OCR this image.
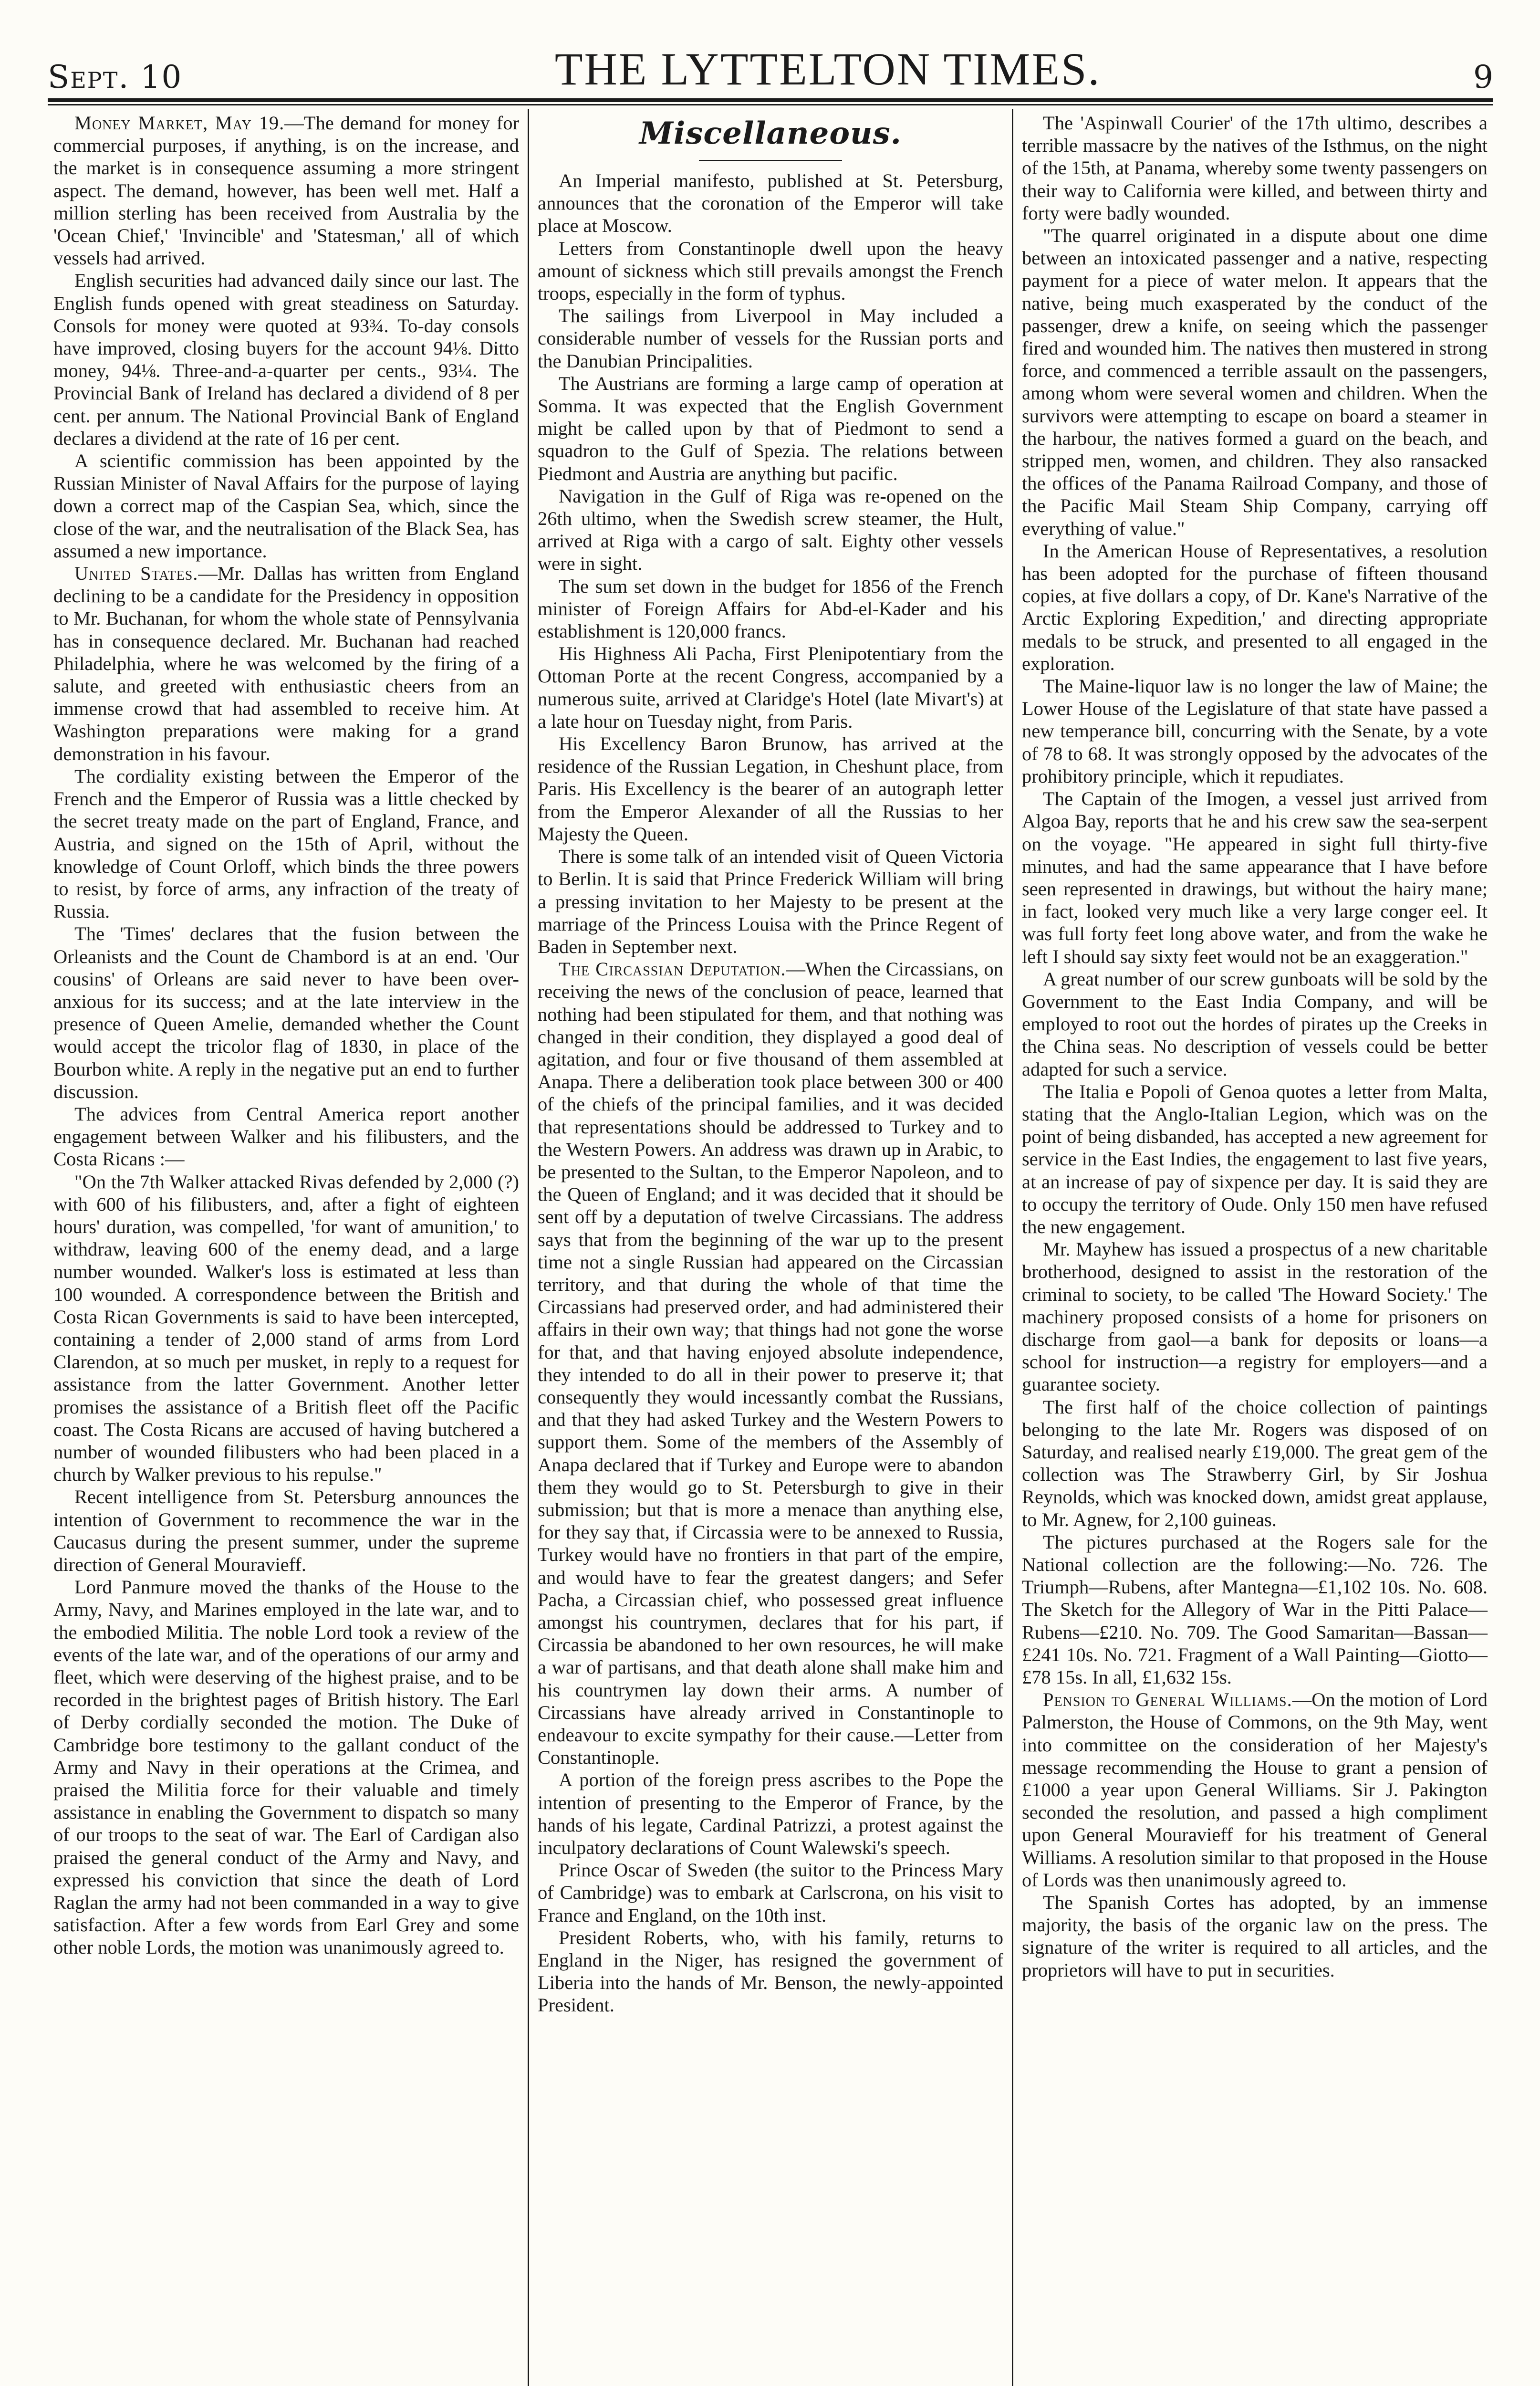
Sept. 10	THE LYTTELTON TIMES.	9

Money Market, May 19.—The demand for money for commercial purposes, if anything, is on the increase, and the market is in consequence assuming a more stringent aspect. The demand, however, has been well met. Half a million sterling has been received from Australia by the 'Ocean Chief,' 'Invincible' and 'Statesman,' all of which vessels had arrived.

English securities had advanced daily since our last. The English funds opened with great steadiness on Saturday. Consols for money were quoted at 93¾. To-day consols have improved, closing buyers for the account 94⅛. Ditto money, 94⅛. Three-and-a-quarter per cents., 93¼. The Provincial Bank of Ireland has declared a dividend of 8 per cent. per annum. The National Provincial Bank of England declares a dividend at the rate of 16 per cent.

A scientific commission has been appointed by the Russian Minister of Naval Affairs for the purpose of laying down a correct map of the Caspian Sea, which, since the close of the war, and the neutralisation of the Black Sea, has assumed a new importance.

United States.—Mr. Dallas has written from England declining to be a candidate for the Presidency in opposition to Mr. Buchanan, for whom the whole state of Pennsylvania has in consequence declared. Mr. Buchanan had reached Philadelphia, where he was welcomed by the firing of a salute, and greeted with enthusiastic cheers from an immense crowd that had assembled to receive him. At Washington preparations were making for a grand demonstration in his favour.

The cordiality existing between the Emperor of the French and the Emperor of Russia was a little checked by the secret treaty made on the part of England, France, and Austria, and signed on the 15th of April, without the knowledge of Count Orloff, which binds the three powers to resist, by force of arms, any infraction of the treaty of Russia.

The 'Times' declares that the fusion between the Orleanists and the Count de Chambord is at an end. 'Our cousins' of Orleans are said never to have been over-anxious for its success; and at the late interview in the presence of Queen Amelie, demanded whether the Count would accept the tricolor flag of 1830, in place of the Bourbon white. A reply in the negative put an end to further discussion.

The advices from Central America report another engagement between Walker and his filibusters, and the Costa Ricans :—

"On the 7th Walker attacked Rivas defended by 2,000 (?) with 600 of his filibusters, and, after a fight of eighteen hours' duration, was compelled, 'for want of amunition,' to withdraw, leaving 600 of the enemy dead, and a large number wounded. Walker's loss is estimated at less than 100 wounded. A correspondence between the British and Costa Rican Governments is said to have been intercepted, containing a tender of 2,000 stand of arms from Lord Clarendon, at so much per musket, in reply to a request for assistance from the latter Government. Another letter promises the assistance of a British fleet off the Pacific coast. The Costa Ricans are accused of having butchered a number of wounded filibusters who had been placed in a church by Walker previous to his repulse."

Recent intelligence from St. Petersburg announces the intention of Government to recommence the war in the Caucasus during the present summer, under the supreme direction of General Mouravieff.

Lord Panmure moved the thanks of the House to the Army, Navy, and Marines employed in the late war, and to the embodied Militia. The noble Lord took a review of the events of the late war, and of the operations of our army and fleet, which were deserving of the highest praise, and to be recorded in the brightest pages of British history. The Earl of Derby cordially seconded the motion. The Duke of Cambridge bore testimony to the gallant conduct of the Army and Navy in their operations at the Crimea, and praised the Militia force for their valuable and timely assistance in enabling the Government to dispatch so many of our troops to the seat of war. The Earl of Cardigan also praised the general conduct of the Army and Navy, and expressed his conviction that since the death of Lord Raglan the army had not been commanded in a way to give satisfaction. After a few words from Earl Grey and some other noble Lords, the motion was unanimously agreed to.

Miscellaneous.

An Imperial manifesto, published at St. Petersburg, announces that the coronation of the Emperor will take place at Moscow.

Letters from Constantinople dwell upon the heavy amount of sickness which still prevails amongst the French troops, especially in the form of typhus.

The sailings from Liverpool in May included a considerable number of vessels for the Russian ports and the Danubian Principalities.

The Austrians are forming a large camp of operation at Somma. It was expected that the English Government might be called upon by that of Piedmont to send a squadron to the Gulf of Spezia. The relations between Piedmont and Austria are anything but pacific.

Navigation in the Gulf of Riga was re-opened on the 26th ultimo, when the Swedish screw steamer, the Hult, arrived at Riga with a cargo of salt. Eighty other vessels were in sight.

The sum set down in the budget for 1856 of the French minister of Foreign Affairs for Abd-el-Kader and his establishment is 120,000 francs.

His Highness Ali Pacha, First Plenipotentiary from the Ottoman Porte at the recent Congress, accompanied by a numerous suite, arrived at Claridge's Hotel (late Mivart's) at a late hour on Tuesday night, from Paris.

His Excellency Baron Brunow, has arrived at the residence of the Russian Legation, in Cheshunt place, from Paris. His Excellency is the bearer of an autograph letter from the Emperor Alexander of all the Russias to her Majesty the Queen.

There is some talk of an intended visit of Queen Victoria to Berlin. It is said that Prince Frederick William will bring a pressing invitation to her Majesty to be present at the marriage of the Princess Louisa with the Prince Regent of Baden in September next.

The Circassian Deputation.—When the Circassians, on receiving the news of the conclusion of peace, learned that nothing had been stipulated for them, and that nothing was changed in their condition, they displayed a good deal of agitation, and four or five thousand of them assembled at Anapa. There a deliberation took place between 300 or 400 of the chiefs of the principal families, and it was decided that representations should be addressed to Turkey and to the Western Powers. An address was drawn up in Arabic, to be presented to the Sultan, to the Emperor Napoleon, and to the Queen of England; and it was decided that it should be sent off by a deputation of twelve Circassians. The address says that from the beginning of the war up to the present time not a single Russian had appeared on the Circassian territory, and that during the whole of that time the Circassians had preserved order, and had administered their affairs in their own way; that things had not gone the worse for that, and that having enjoyed absolute independence, they intended to do all in their power to preserve it; that consequently they would incessantly combat the Russians, and that they had asked Turkey and the Western Powers to support them. Some of the members of the Assembly of Anapa declared that if Turkey and Europe were to abandon them they would go to St. Petersburgh to give in their submission; but that is more a menace than anything else, for they say that, if Circassia were to be annexed to Russia, Turkey would have no frontiers in that part of the empire, and would have to fear the greatest dangers; and Sefer Pacha, a Circassian chief, who possessed great influence amongst his countrymen, declares that for his part, if Circassia be abandoned to her own resources, he will make a war of partisans, and that death alone shall make him and his countrymen lay down their arms. A number of Circassians have already arrived in Constantinople to endeavour to excite sympathy for their cause.—Letter from Constantinople.

A portion of the foreign press ascribes to the Pope the intention of presenting to the Emperor of France, by the hands of his legate, Cardinal Patrizzi, a protest against the inculpatory declarations of Count Walewski's speech.

Prince Oscar of Sweden (the suitor to the Princess Mary of Cambridge) was to embark at Carlscrona, on his visit to France and England, on the 10th inst.

President Roberts, who, with his family, returns to England in the Niger, has resigned the government of Liberia into the hands of Mr. Benson, the newly-appointed President.

The 'Aspinwall Courier' of the 17th ultimo, describes a terrible massacre by the natives of the Isthmus, on the night of the 15th, at Panama, whereby some twenty passengers on their way to California were killed, and between thirty and forty were badly wounded.

"The quarrel originated in a dispute about one dime between an intoxicated passenger and a native, respecting payment for a piece of water melon. It appears that the native, being much exasperated by the conduct of the passenger, drew a knife, on seeing which the passenger fired and wounded him. The natives then mustered in strong force, and commenced a terrible assault on the passengers, among whom were several women and children. When the survivors were attempting to escape on board a steamer in the harbour, the natives formed a guard on the beach, and stripped men, women, and children. They also ransacked the offices of the Panama Railroad Company, and those of the Pacific Mail Steam Ship Company, carrying off everything of value."

In the American House of Representatives, a resolution has been adopted for the purchase of fifteen thousand copies, at five dollars a copy, of Dr. Kane's Narrative of the Arctic Exploring Expedition,' and directing appropriate medals to be struck, and presented to all engaged in the exploration.

The Maine-liquor law is no longer the law of Maine; the Lower House of the Legislature of that state have passed a new temperance bill, concurring with the Senate, by a vote of 78 to 68. It was strongly opposed by the advocates of the prohibitory principle, which it repudiates.

The Captain of the Imogen, a vessel just arrived from Algoa Bay, reports that he and his crew saw the sea-serpent on the voyage. "He appeared in sight full thirty-five minutes, and had the same appearance that I have before seen represented in drawings, but without the hairy mane; in fact, looked very much like a very large conger eel. It was full forty feet long above water, and from the wake he left I should say sixty feet would not be an exaggeration."

A great number of our screw gunboats will be sold by the Government to the East India Company, and will be employed to root out the hordes of pirates up the Creeks in the China seas. No description of vessels could be better adapted for such a service.

The Italia e Popoli of Genoa quotes a letter from Malta, stating that the Anglo-Italian Legion, which was on the point of being disbanded, has accepted a new agreement for service in the East Indies, the engagement to last five years, at an increase of pay of sixpence per day. It is said they are to occupy the territory of Oude. Only 150 men have refused the new engagement.

Mr. Mayhew has issued a prospectus of a new charitable brotherhood, designed to assist in the restoration of the criminal to society, to be called 'The Howard Society.' The machinery proposed consists of a home for prisoners on discharge from gaol—a bank for deposits or loans—a school for instruction—a registry for employers—and a guarantee society.

The first half of the choice collection of paintings belonging to the late Mr. Rogers was disposed of on Saturday, and realised nearly £19,000. The great gem of the collection was The Strawberry Girl, by Sir Joshua Reynolds, which was knocked down, amidst great applause, to Mr. Agnew, for 2,100 guineas.

The pictures purchased at the Rogers sale for the National collection are the following:—No. 726. The Triumph—Rubens, after Mantegna—£1,102 10s. No. 608. The Sketch for the Allegory of War in the Pitti Palace—Rubens—£210. No. 709. The Good Samaritan—Bassan—£241 10s. No. 721. Fragment of a Wall Painting—Giotto—£78 15s. In all, £1,632 15s.

Pension to General Williams.—On the motion of Lord Palmerston, the House of Commons, on the 9th May, went into committee on the consideration of her Majesty's message recommending the House to grant a pension of £1000 a year upon General Williams. Sir J. Pakington seconded the resolution, and passed a high compliment upon General Mouravieff for his treatment of General Williams. A resolution similar to that proposed in the House of Lords was then unanimously agreed to.

The Spanish Cortes has adopted, by an immense majority, the basis of the organic law on the press. The signature of the writer is required to all articles, and the proprietors will have to put in securities.
